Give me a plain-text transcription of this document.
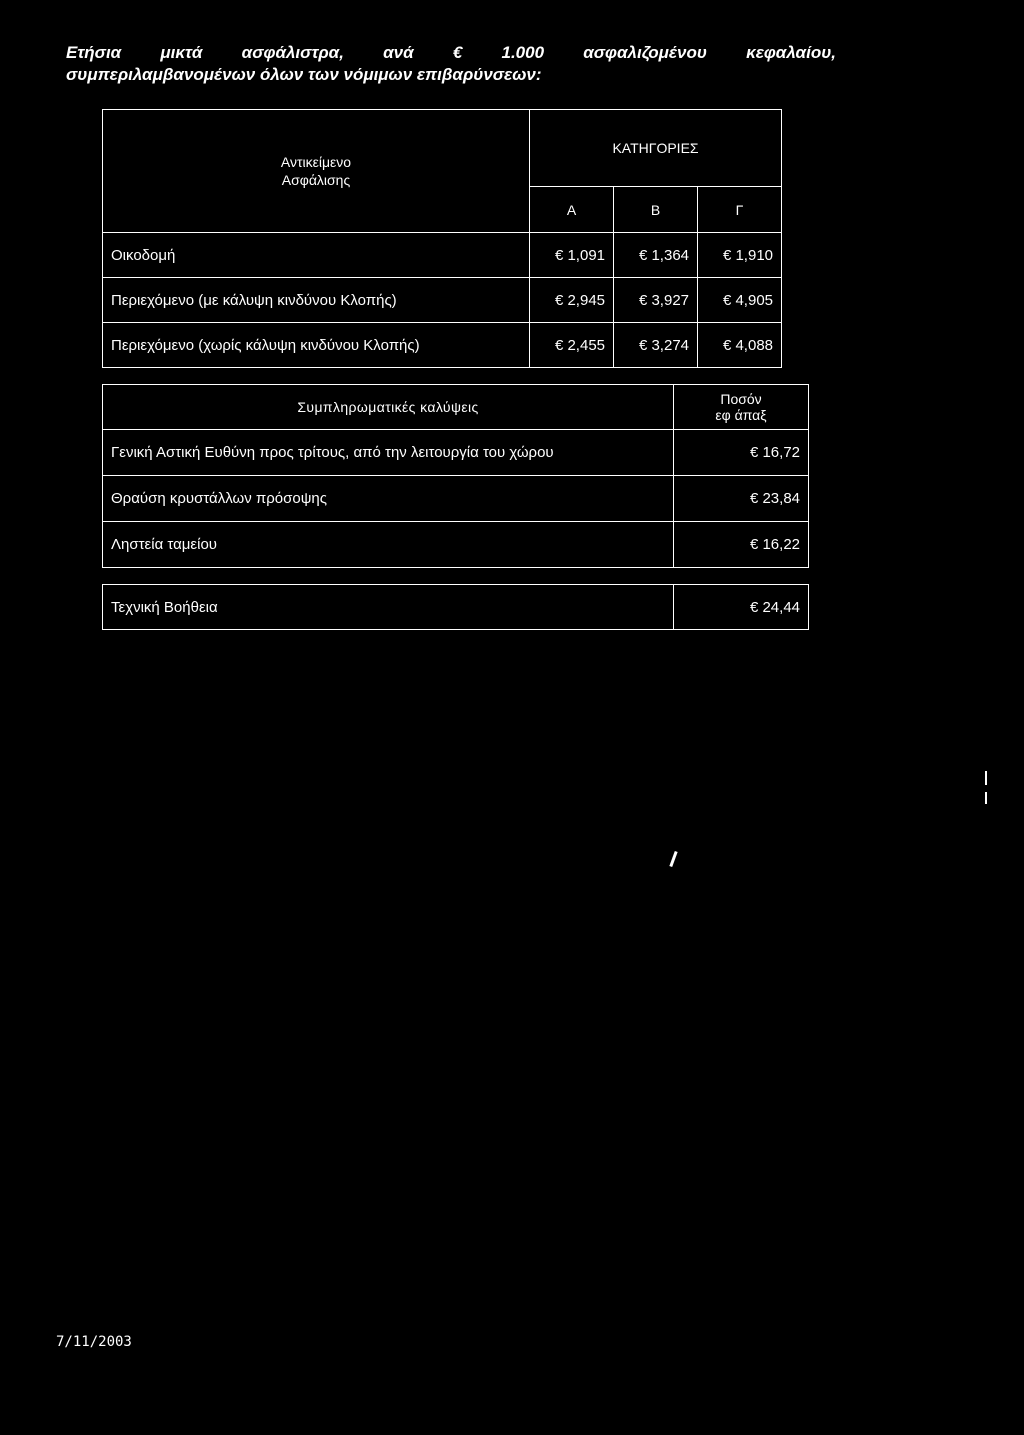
Ετήσια μικτά ασφάλιστρα, ανά € 1.000 ασφαλιζομένου κεφαλαίου,
συμπεριλαμβανομένων όλων των νόμιμων επιβαρύνσεων:
Αντικείμενο
Ασφάλισης	ΚΑΤΗΓΟΡΙΕΣ		
	Α	Β	Γ
Οικοδομή	€ 1,091	€ 1,364	€ 1,910
Περιεχόμενο (με κάλυψη κινδύνου Κλοπής)	€ 2,945	€ 3,927	€ 4,905
Περιεχόμενο (χωρίς κάλυψη κινδύνου Κλοπής)	€ 2,455	€ 3,274	€ 4,088
Συμπληρωματικές καλύψεις	Ποσόν
εφ άπαξ

Γενική Αστική Ευθύνη προς τρίτους, από την λειτουργία του χώρου	€ 16,72
Θραύση κρυστάλλων πρόσοψης	€ 23,84
Ληστεία ταμείου	€ 16,22
Τεχνική Βοήθεια	€ 24,44
7/11/2003
